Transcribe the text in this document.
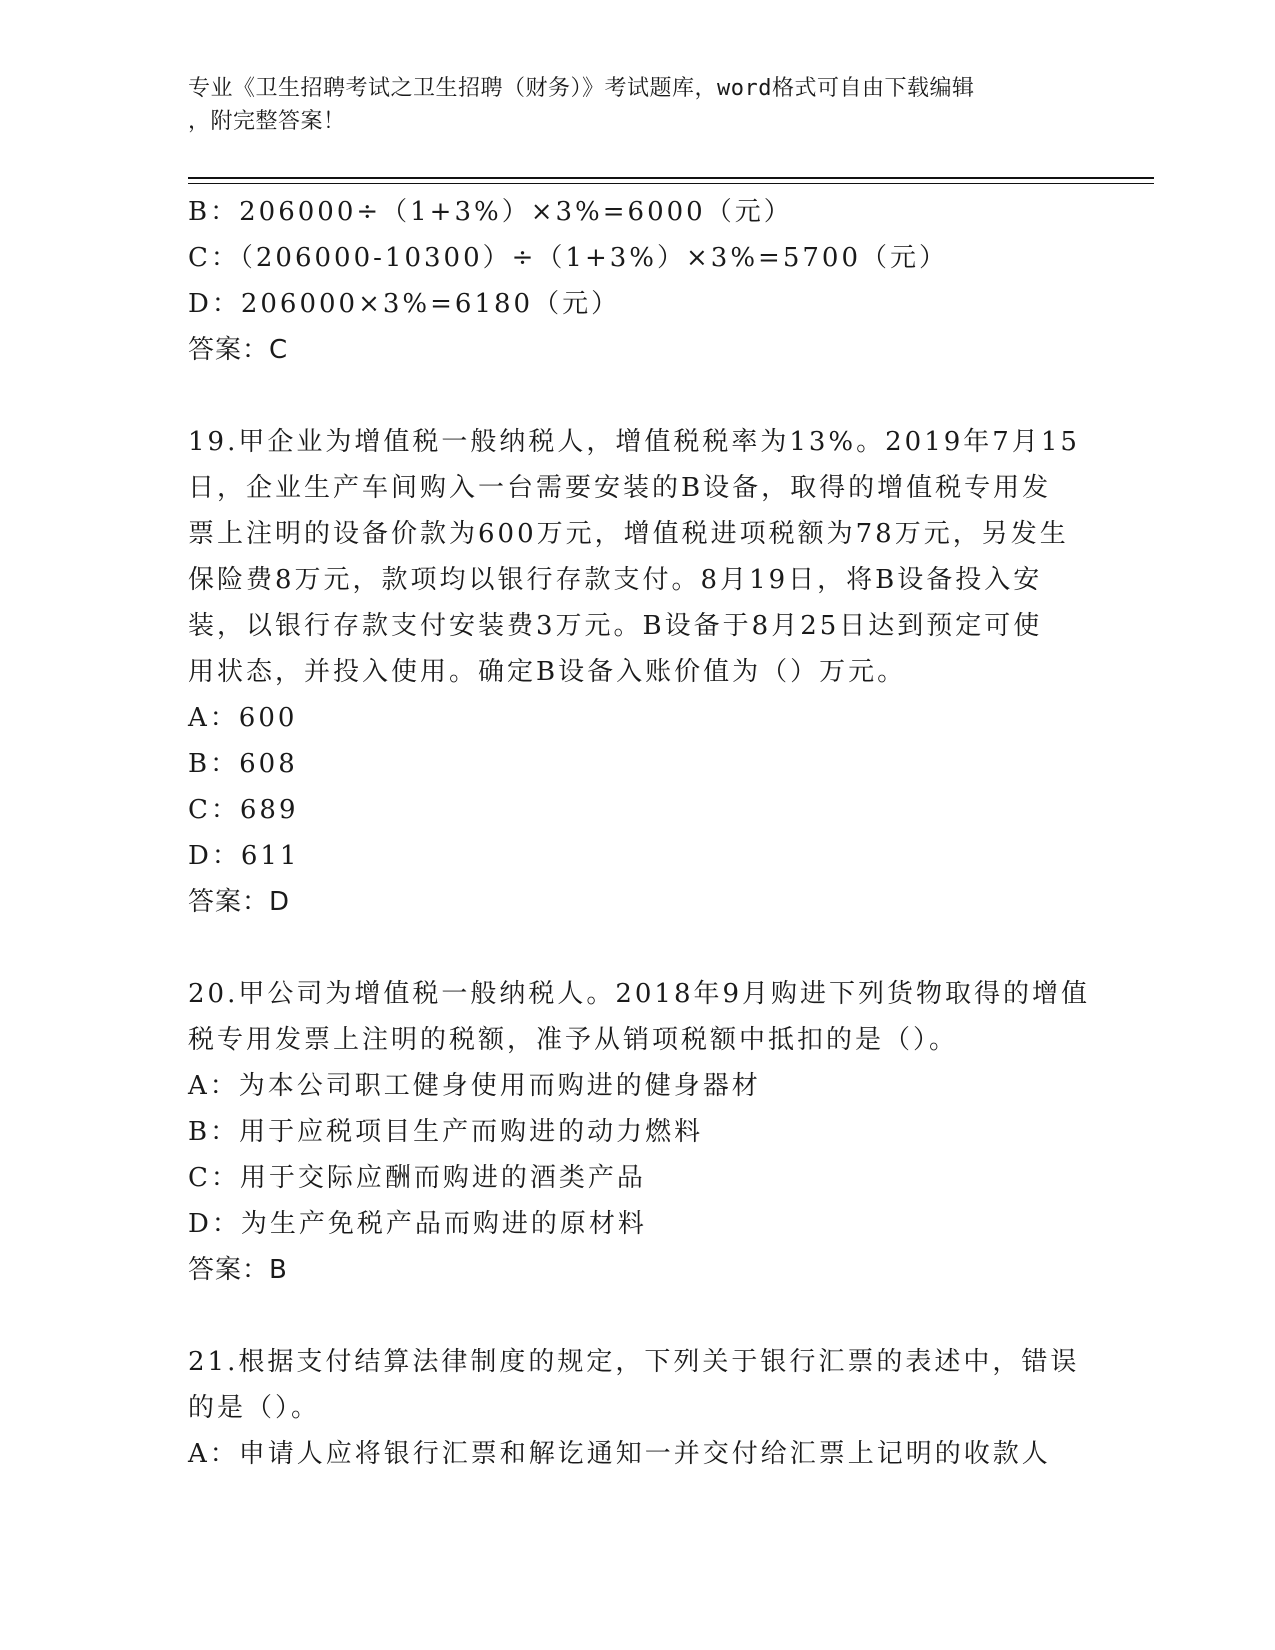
专业《卫生招聘考试之卫生招聘（财务）》考试题库，word格式可自由下载编辑
，附完整答案！
B：206000÷（1+3%）×3%=6000（元）
C：（206000-10300）÷（1+3%）×3%=5700（元）
D：206000×3%=6180（元）
答案：C
19.甲企业为增值税一般纳税人，增值税税率为13%。2019年7月15
日，企业生产车间购入一台需要安装的B设备，取得的增值税专用发
票上注明的设备价款为600万元，增值税进项税额为78万元，另发生
保险费8万元，款项均以银行存款支付。8月19日，将B设备投入安
装，以银行存款支付安装费3万元。B设备于8月25日达到预定可使
用状态，并投入使用。确定B设备入账价值为（）万元。
A：600
B：608
C：689
D：611
答案：D
20.甲公司为增值税一般纳税人。2018年9月购进下列货物取得的增值
税专用发票上注明的税额，准予从销项税额中抵扣的是（）。
A：为本公司职工健身使用而购进的健身器材
B：用于应税项目生产而购进的动力燃料
C：用于交际应酬而购进的酒类产品
D：为生产免税产品而购进的原材料
答案：B
21.根据支付结算法律制度的规定，下列关于银行汇票的表述中，错误
的是（）。
A：申请人应将银行汇票和解讫通知一并交付给汇票上记明的收款人
